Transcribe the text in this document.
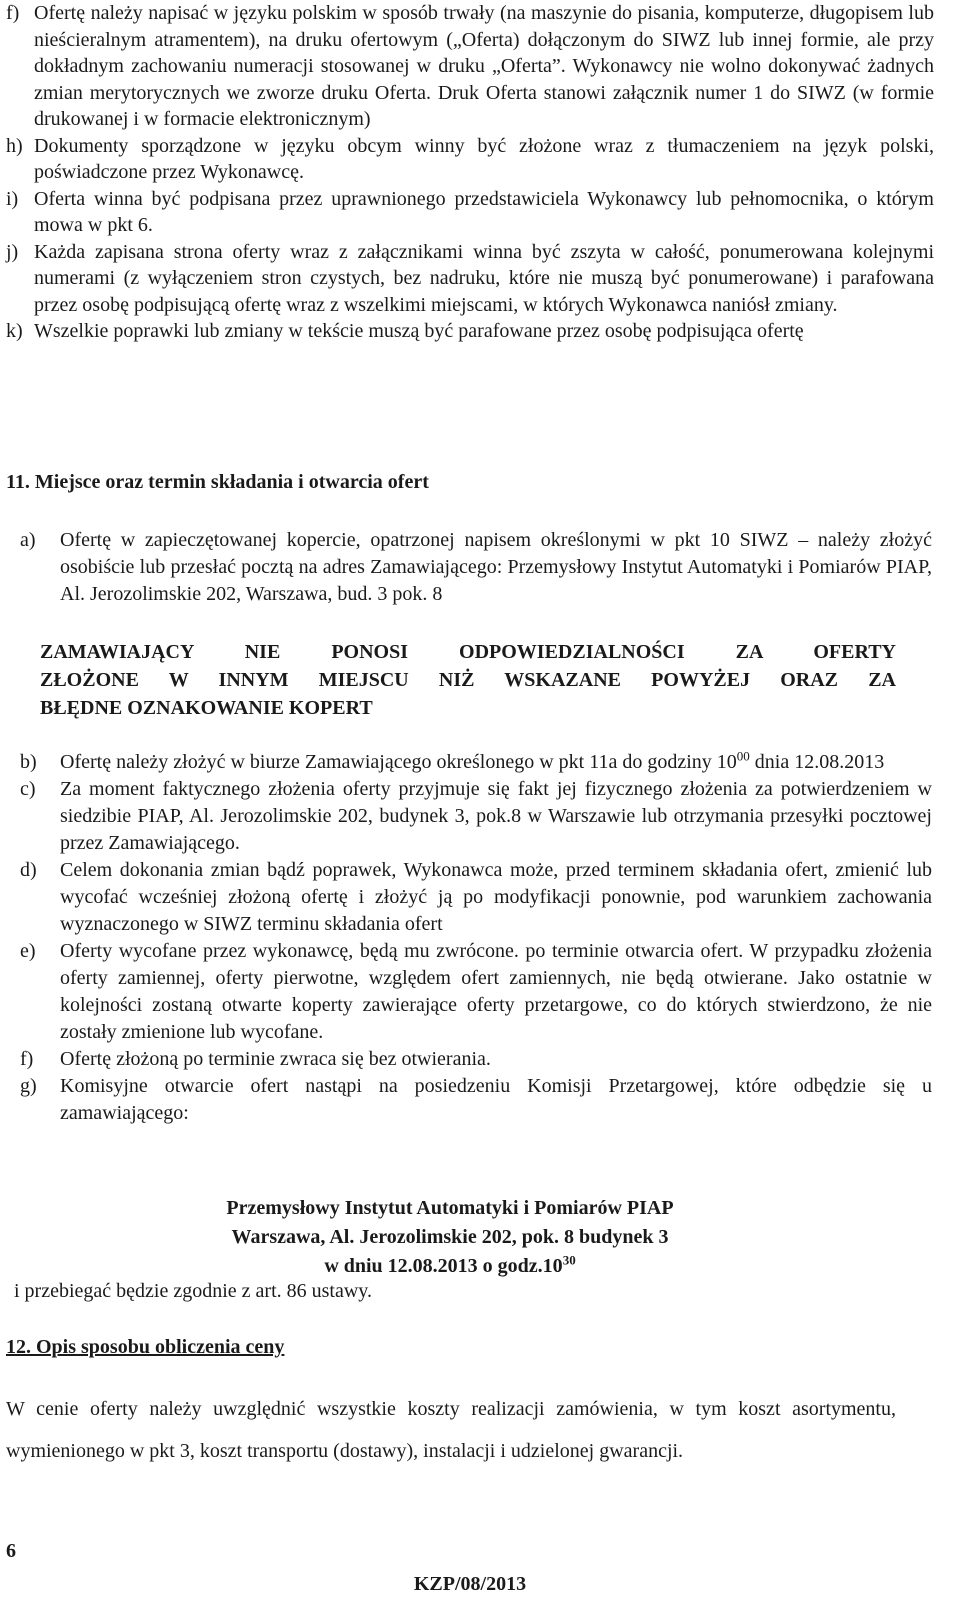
f) Ofertę należy napisać w języku polskim w sposób trwały (na maszynie do pisania, komputerze, długopisem lub nieścieralnym atramentem), na druku ofertowym („Oferta) dołączonym do SIWZ lub innej formie, ale przy dokładnym zachowaniu numeracji stosowanej w druku „Oferta”. Wykonawcy nie wolno dokonywać żadnych zmian merytorycznych we zworze druku Oferta. Druk Oferta stanowi załącznik numer 1 do SIWZ (w formie drukowanej i w formacie elektronicznym)
h) Dokumenty sporządzone w języku obcym winny być złożone wraz z tłumaczeniem na język polski, poświadczone przez Wykonawcę.
i) Oferta winna być podpisana przez uprawnionego przedstawiciela Wykonawcy lub pełnomocnika, o którym mowa w pkt 6.
j) Każda zapisana strona oferty wraz z załącznikami winna być zszyta w całość, ponumerowana kolejnymi numerami (z wyłączeniem stron czystych, bez nadruku, które nie muszą być ponumerowane) i parafowana przez osobę podpisującą ofertę wraz z wszelkimi miejscami, w których Wykonawca naniósł zmiany.
k) Wszelkie poprawki lub zmiany w tekście muszą być parafowane przez osobę podpisująca ofertę
11. Miejsce oraz termin składania i otwarcia ofert
a)	Ofertę w zapieczętowanej kopercie, opatrzonej napisem określonymi w pkt 10 SIWZ – należy złożyć osobiście lub przesłać pocztą na adres Zamawiającego: Przemysłowy Instytut Automatyki i Pomiarów PIAP, Al. Jerozolimskie 202, Warszawa, bud. 3 pok. 8
ZAMAWIAJĄCY NIE PONOSI ODPOWIEDZIALNOŚCI ZA OFERTY
ZŁOŻONE W INNYM MIEJSCU NIŻ WSKAZANE POWYŻEJ ORAZ ZA
BŁĘDNE OZNAKOWANIE KOPERT
b)	Ofertę należy złożyć w biurze Zamawiającego określonego w pkt 11a do godziny $10^{00}$ dnia 12.08.2013
c)	Za moment faktycznego złożenia oferty przyjmuje się fakt jej fizycznego złożenia za potwierdzeniem w siedzibie PIAP, Al. Jerozolimskie 202, budynek 3, pok.8 w Warszawie lub otrzymania przesyłki pocztowej przez Zamawiającego.
d)	Celem dokonania zmian bądź poprawek, Wykonawca może, przed terminem składania ofert, zmienić lub wycofać wcześniej złożoną ofertę i złożyć ją po modyfikacji ponownie, pod warunkiem zachowania wyznaczonego w SIWZ terminu składania ofert
e)	Oferty wycofane przez wykonawcę, będą mu zwrócone. po terminie otwarcia ofert. W przypadku złożenia oferty zamiennej, oferty pierwotne, względem ofert zamiennych, nie będą otwierane. Jako ostatnie w kolejności zostaną otwarte koperty zawierające oferty przetargowe, co do których stwierdzono, że nie zostały zmienione lub wycofane.
f)	Ofertę złożoną po terminie zwraca się bez otwierania.
g)	Komisyjne otwarcie ofert nastąpi na posiedzeniu Komisji Przetargowej, które odbędzie się u zamawiającego:
Przemysłowy Instytut Automatyki i Pomiarów PIAP
Warszawa, Al. Jerozolimskie 202, pok. 8 budynek 3
w dniu 12.08.2013 o $godz.10^{30}$
i przebiegać będzie zgodnie z art. 86 ustawy.
12. Opis sposobu obliczenia ceny
W cenie oferty należy uwzględnić wszystkie koszty realizacji zamówienia, w tym koszt asortymentu, wymienionego w pkt 3, koszt transportu (dostawy), instalacji i udzielonej gwarancji.
6
KZP/08/2013
